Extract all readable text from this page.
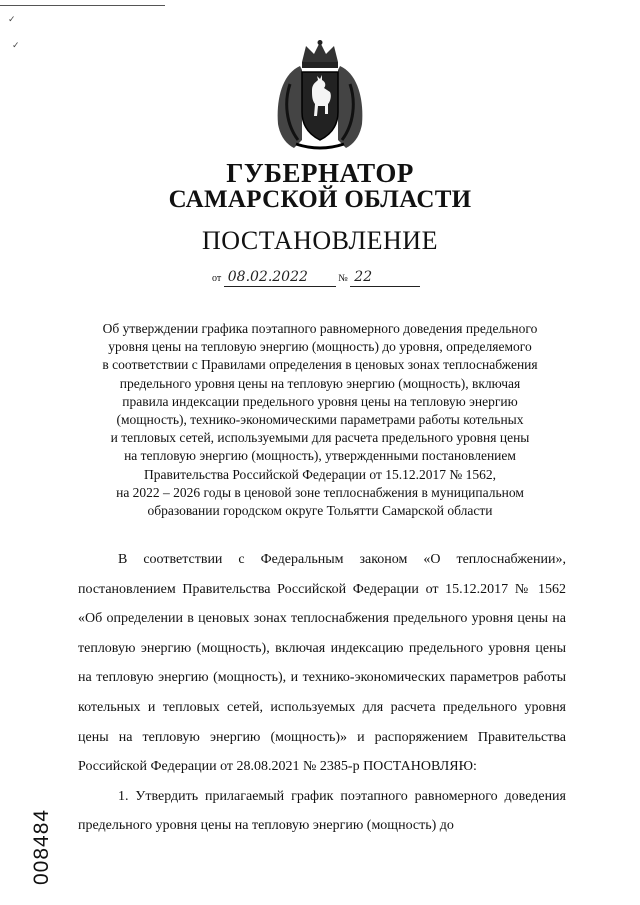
✓
✓
ГУБЕРНАТОР
САМАРСКОЙ ОБЛАСТИ
ПОСТАНОВЛЕНИЕ
от 08.02.2022	№ 22
Об утверждении графика поэтапного равномерного доведения предельного
уровня цены на тепловую энергию (мощность) до уровня, определяемого
в соответствии с Правилами определения в ценовых зонах теплоснабжения
предельного уровня цены на тепловую энергию (мощность), включая
правила индексации предельного уровня цены на тепловую энергию
(мощность), технико-экономическими параметрами работы котельных
и тепловых сетей, используемыми для расчета предельного уровня цены
на тепловую энергию (мощность), утвержденными постановлением
Правительства Российской Федерации от 15.12.2017 № 1562,
на 2022 – 2026 годы в ценовой зоне теплоснабжения в муниципальном
образовании городском округе Тольятти Самарской области

В соответствии с Федеральным законом «О теплоснабжении», постановлением Правительства Российской Федерации от 15.12.2017 № 1562 «Об определении в ценовых зонах теплоснабжения предельного уровня цены на тепловую энергию (мощность), включая индексацию предельного уровня цены на тепловую энергию (мощность), и технико-экономических параметров работы котельных и тепловых сетей, используемых для расчета предельного уровня цены на тепловую энергию (мощность)» и распоряжением Правительства Российской Федерации от 28.08.2021 № 2385-р ПОСТАНОВЛЯЮ:

1. Утвердить прилагаемый график поэтапного равномерного доведения предельного уровня цены на тепловую энергию (мощность) до

008484
